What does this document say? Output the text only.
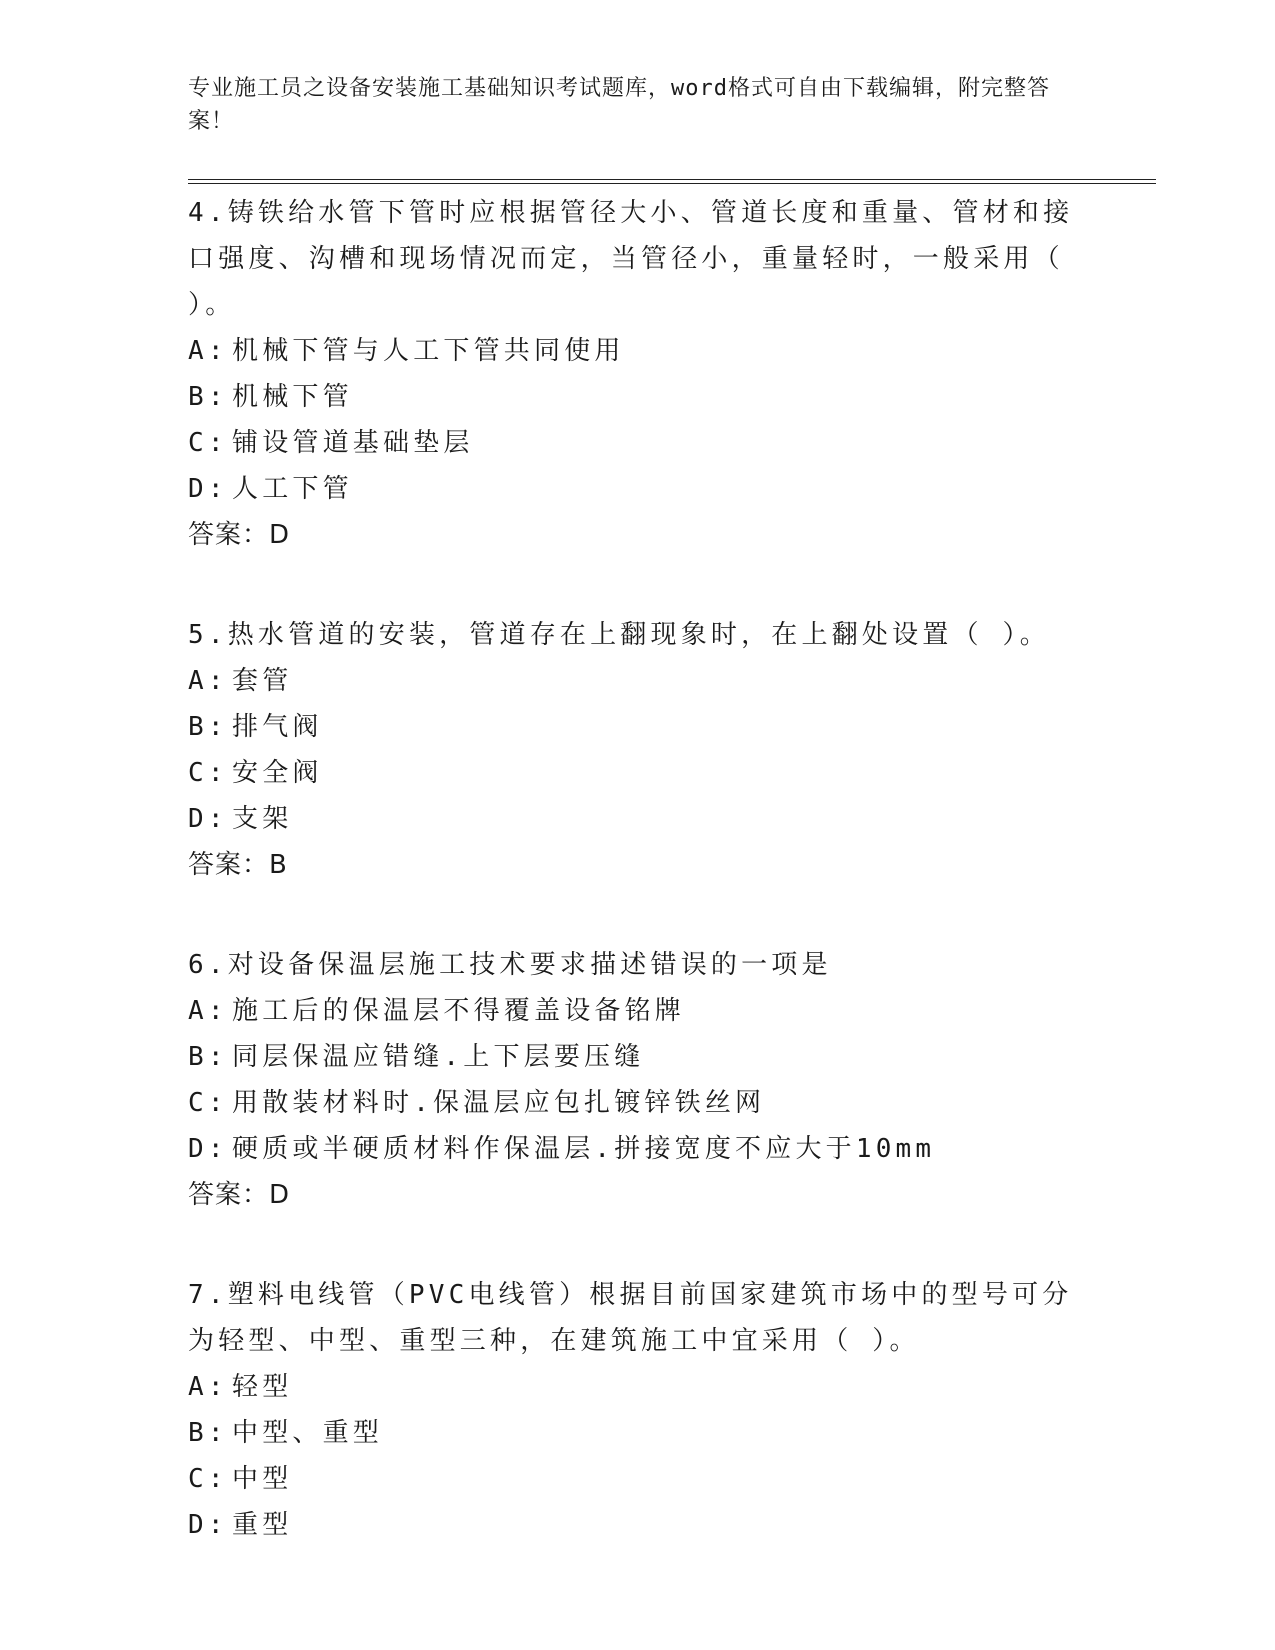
专业施工员之设备安装施工基础知识考试题库，word格式可自由下载编辑，附完整答案！

4.铸铁给水管下管时应根据管径大小、管道长度和重量、管材和接口强度、沟槽和现场情况而定，当管径小，重量轻时，一般采用（ ）。

A: 机械下管与人工下管共同使用
B: 机械下管
C: 铺设管道基础垫层
D: 人工下管
答案：D

5.热水管道的安装，管道存在上翻现象时，在上翻处设置（ ）。

A: 套管
B: 排气阀
C: 安全阀
D: 支架
答案：B

6.对设备保温层施工技术要求描述错误的一项是

A: 施工后的保温层不得覆盖设备铭牌
B: 同层保温应错缝.上下层要压缝
C: 用散装材料时.保温层应包扎镀锌铁丝网
D: 硬质或半硬质材料作保温层.拼接宽度不应大于10mm
答案：D

7.塑料电线管（PVC电线管）根据目前国家建筑市场中的型号可分为轻型、中型、重型三种，在建筑施工中宜采用（ ）。

A: 轻型
B: 中型、重型
C: 中型
D: 重型
